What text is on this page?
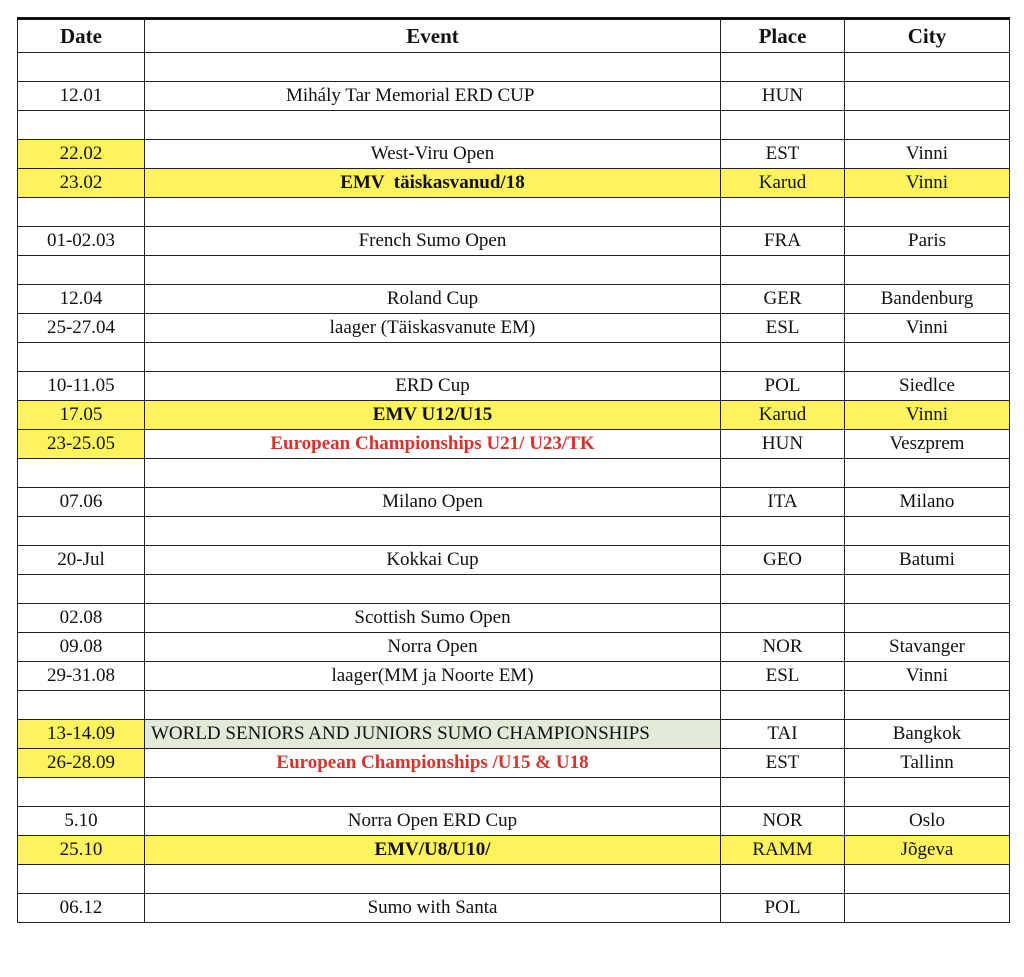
Date	Event	Place	City

12.01	Mihály Tar Memorial ERD CUP	HUN	

22.02	West-Viru Open	EST	Vinni
23.02	EMV  täiskasvanud/18	Karud	Vinni

01-02.03	French Sumo Open	FRA	Paris

12.04	Roland Cup	GER	Bandenburg
25-27.04	laager (Täiskasvanute EM)	ESL	Vinni

10-11.05	ERD Cup	POL	Siedlce
17.05	EMV U12/U15	Karud	Vinni
23-25.05	European Championships U21/ U23/TK	HUN	Veszprem

07.06	Milano Open	ITA	Milano

20-Jul	Kokkai Cup	GEO	Batumi

02.08	Scottish Sumo Open		
09.08	Norra Open	NOR	Stavanger
29-31.08	laager(MM ja Noorte EM)	ESL	Vinni

13-14.09	WORLD SENIORS AND JUNIORS SUMO CHAMPIONSHIPS	TAI	Bangkok
26-28.09	European Championships /U15 & U18	EST	Tallinn

5.10	Norra Open ERD Cup	NOR	Oslo
25.10	EMV/U8/U10/	RAMM	Jõgeva

06.12	Sumo with Santa	POL	
